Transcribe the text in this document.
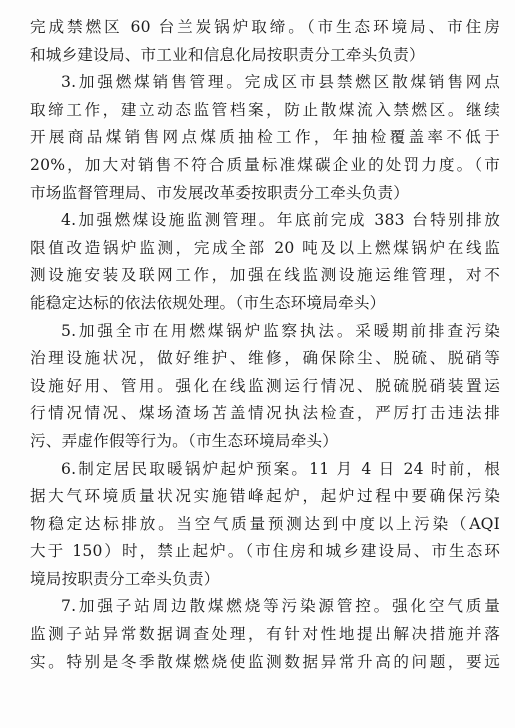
完成禁燃区 60 台兰炭锅炉取缔。（市生态环境局、市住房
和城乡建设局、市工业和信息化局按职责分工牵头负责）
3.加强燃煤销售管理。完成区市县禁燃区散煤销售网点
取缔工作，建立动态监管档案，防止散煤流入禁燃区。继续
开展商品煤销售网点煤质抽检工作，年抽检覆盖率不低于
20%，加大对销售不符合质量标准煤碳企业的处罚力度。（市
市场监督管理局、市发展改革委按职责分工牵头负责）
4.加强燃煤设施监测管理。年底前完成 383 台特别排放
限值改造锅炉监测，完成全部 20 吨及以上燃煤锅炉在线监
测设施安装及联网工作，加强在线监测设施运维管理，对不
能稳定达标的依法依规处理。（市生态环境局牵头）
5.加强全市在用燃煤锅炉监察执法。采暖期前排查污染
治理设施状况，做好维护、维修，确保除尘、脱硫、脱硝等
设施好用、管用。强化在线监测运行情况、脱硫脱硝装置运
行情况情况、煤场渣场苫盖情况执法检查，严厉打击违法排
污、弄虚作假等行为。（市生态环境局牵头）
6.制定居民取暖锅炉起炉预案。11 月 4 日 24 时前，根
据大气环境质量状况实施错峰起炉，起炉过程中要确保污染
物稳定达标排放。当空气质量预测达到中度以上污染（AQI
大于 150）时，禁止起炉。（市住房和城乡建设局、市生态环
境局按职责分工牵头负责）
7.加强子站周边散煤燃烧等污染源管控。强化空气质量
监测子站异常数据调查处理，有针对性地提出解决措施并落
实。特别是冬季散煤燃烧使监测数据异常升高的问题，要远
